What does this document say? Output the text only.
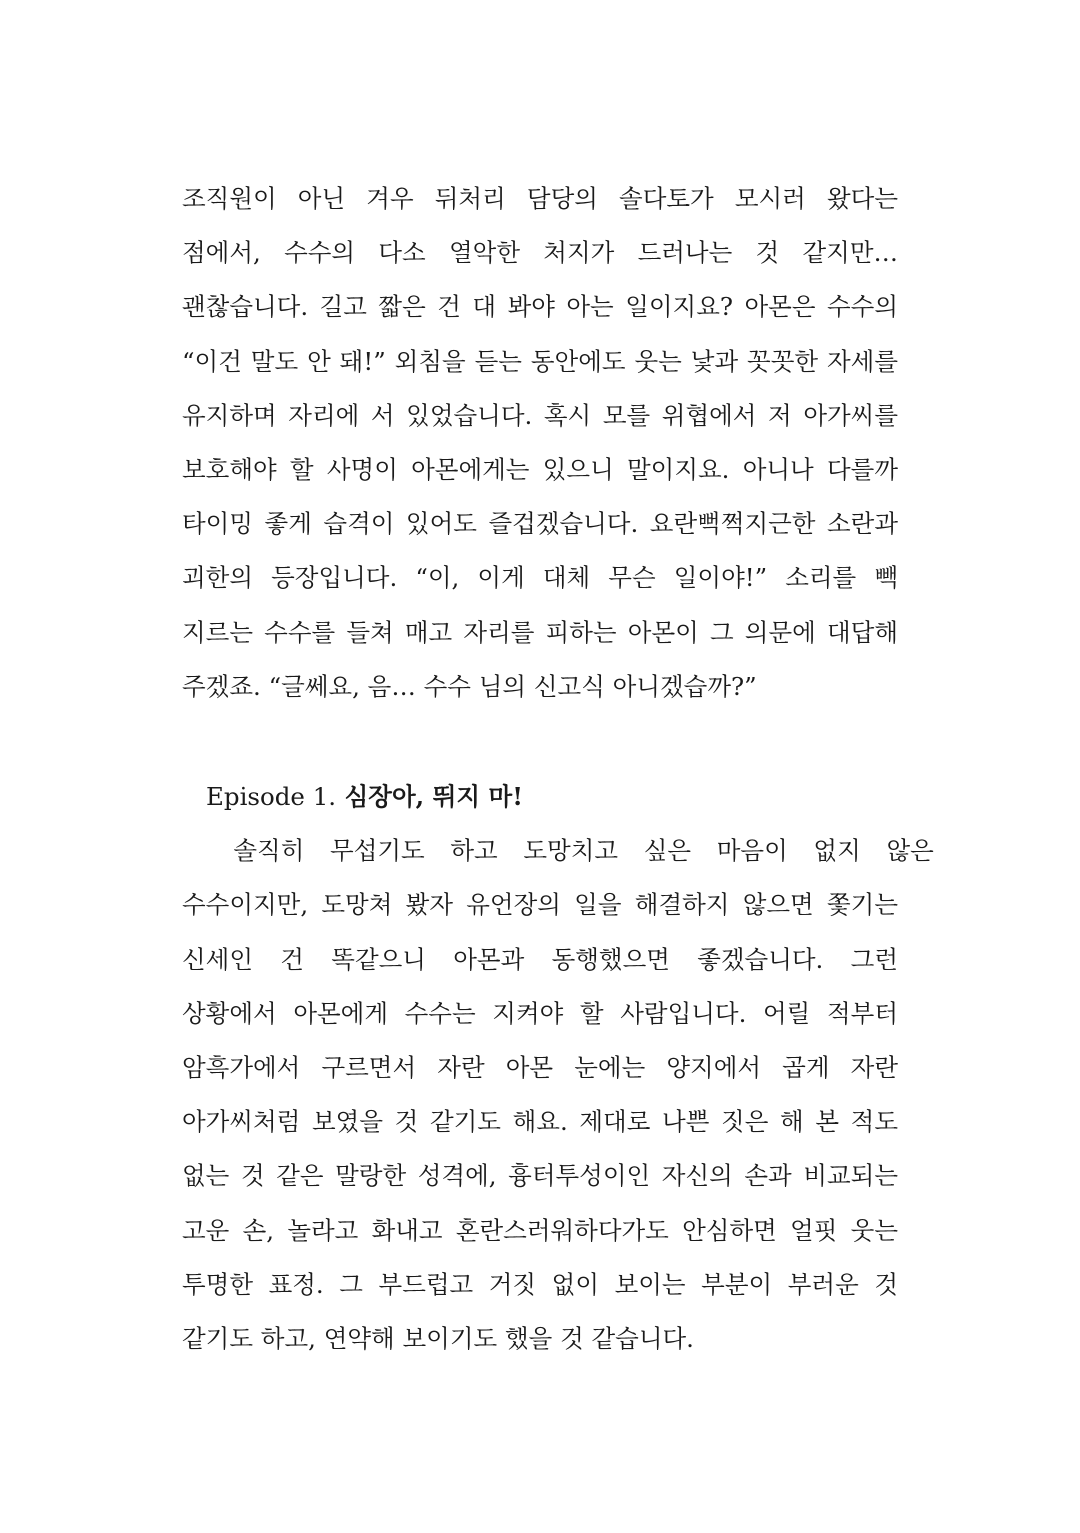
조직원이 아닌 겨우 뒤처리 담당의 솔다토가 모시러 왔다는
점에서, 수수의 다소 열악한 처지가 드러나는 것 같지만…
괜찮습니다. 길고 짧은 건 대 봐야 아는 일이지요? 아몬은 수수의
“이건 말도 안 돼!” 외침을 듣는 동안에도 웃는 낯과 꼿꼿한 자세를
유지하며 자리에 서 있었습니다. 혹시 모를 위협에서 저 아가씨를
보호해야 할 사명이 아몬에게는 있으니 말이지요. 아니나 다를까
타이밍 좋게 습격이 있어도 즐겁겠습니다. 요란뻑쩍지근한 소란과
괴한의 등장입니다. “이, 이게 대체 무슨 일이야!” 소리를 빽
지르는 수수를 들쳐 매고 자리를 피하는 아몬이 그 의문에 대답해
주겠죠. “글쎄요, 음… 수수 님의 신고식 아니겠습까?”

Episode 1. 심장아, 뛰지 마!

솔직히 무섭기도 하고 도망치고 싶은 마음이 없지 않은
수수이지만, 도망쳐 봤자 유언장의 일을 해결하지 않으면 쫓기는
신세인 건 똑같으니 아몬과 동행했으면 좋겠습니다. 그런
상황에서 아몬에게 수수는 지켜야 할 사람입니다. 어릴 적부터
암흑가에서 구르면서 자란 아몬 눈에는 양지에서 곱게 자란
아가씨처럼 보였을 것 같기도 해요. 제대로 나쁜 짓은 해 본 적도
없는 것 같은 말랑한 성격에, 흉터투성이인 자신의 손과 비교되는
고운 손, 놀라고 화내고 혼란스러워하다가도 안심하면 얼핏 웃는
투명한 표정. 그 부드럽고 거짓 없이 보이는 부분이 부러운 것
같기도 하고, 연약해 보이기도 했을 것 같습니다.
